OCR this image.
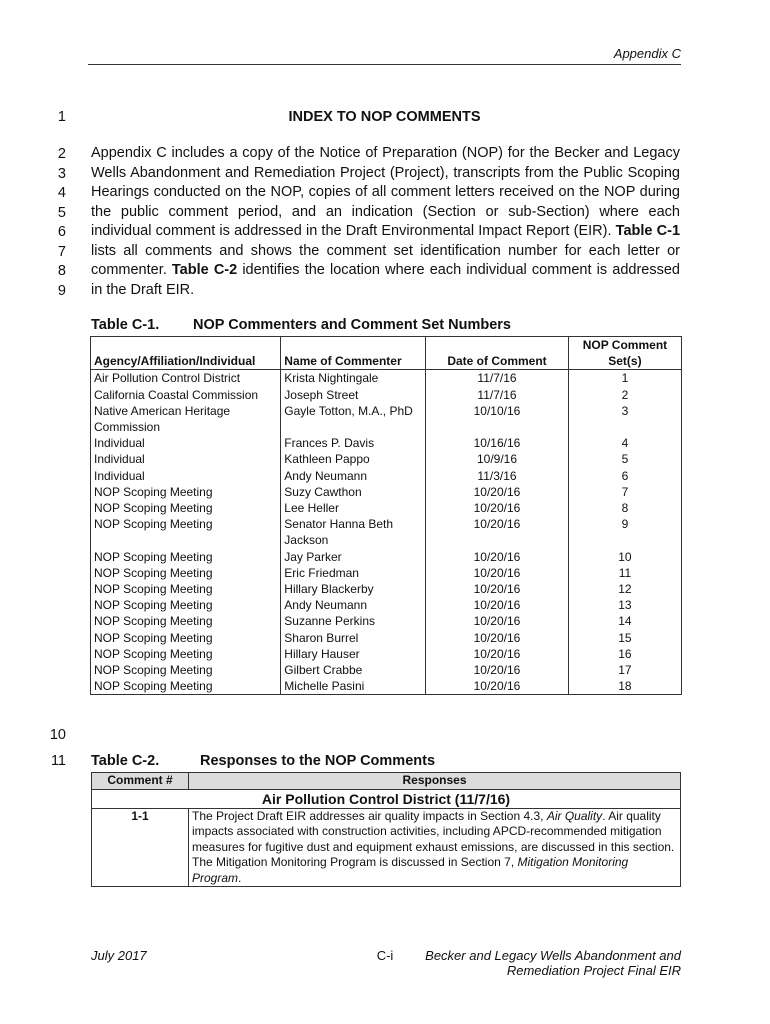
Appendix C
1
2
3
4
5
6
7
8
9
10
11
INDEX TO NOP COMMENTS
Appendix C includes a copy of the Notice of Preparation (NOP) for the Becker and Legacy Wells Abandonment and Remediation Project (Project), transcripts from the Public Scoping Hearings conducted on the NOP, copies of all comment letters received on the NOP during the public comment period, and an indication (Section or sub-Section) where each individual comment is addressed in the Draft Environmental Impact Report (EIR). Table C-1 lists all comments and shows the comment set identification number for each letter or commenter. Table C-2 identifies the location where each individual comment is addressed in the Draft EIR.
Table C-1. NOP Commenters and Comment Set Numbers
Agency/Affiliation/Individual	Name of Commenter	Date of Comment	NOP Comment Set(s)
Air Pollution Control District	Krista Nightingale	11/7/16	1
California Coastal Commission	Joseph Street	11/7/16	2
Native American Heritage Commission	Gayle Totton, M.A., PhD	10/10/16	3
Individual	Frances P. Davis	10/16/16	4
Individual	Kathleen Pappo	10/9/16	5
Individual	Andy Neumann	11/3/16	6
NOP Scoping Meeting	Suzy Cawthon	10/20/16	7
NOP Scoping Meeting	Lee Heller	10/20/16	8
NOP Scoping Meeting	Senator Hanna Beth Jackson	10/20/16	9
NOP Scoping Meeting	Jay Parker	10/20/16	10
NOP Scoping Meeting	Eric Friedman	10/20/16	11
NOP Scoping Meeting	Hillary Blackerby	10/20/16	12
NOP Scoping Meeting	Andy Neumann	10/20/16	13
NOP Scoping Meeting	Suzanne Perkins	10/20/16	14
NOP Scoping Meeting	Sharon Burrel	10/20/16	15
NOP Scoping Meeting	Hillary Hauser	10/20/16	16
NOP Scoping Meeting	Gilbert Crabbe	10/20/16	17
NOP Scoping Meeting	Michelle Pasini	10/20/16	18
Table C-2.	Responses to the NOP Comments
Comment #	Responses
Air Pollution Control District (11/7/16)	
1-1	The Project Draft EIR addresses air quality impacts in Section 4.3, Air Quality. Air quality impacts associated with construction activities, including APCD-recommended mitigation measures for fugitive dust and equipment exhaust emissions, are discussed in this section. The Mitigation Monitoring Program is discussed in Section 7, Mitigation Monitoring Program.
July 2017	C-i	Becker and Legacy Wells Abandonment and
Remediation Project Final EIR
